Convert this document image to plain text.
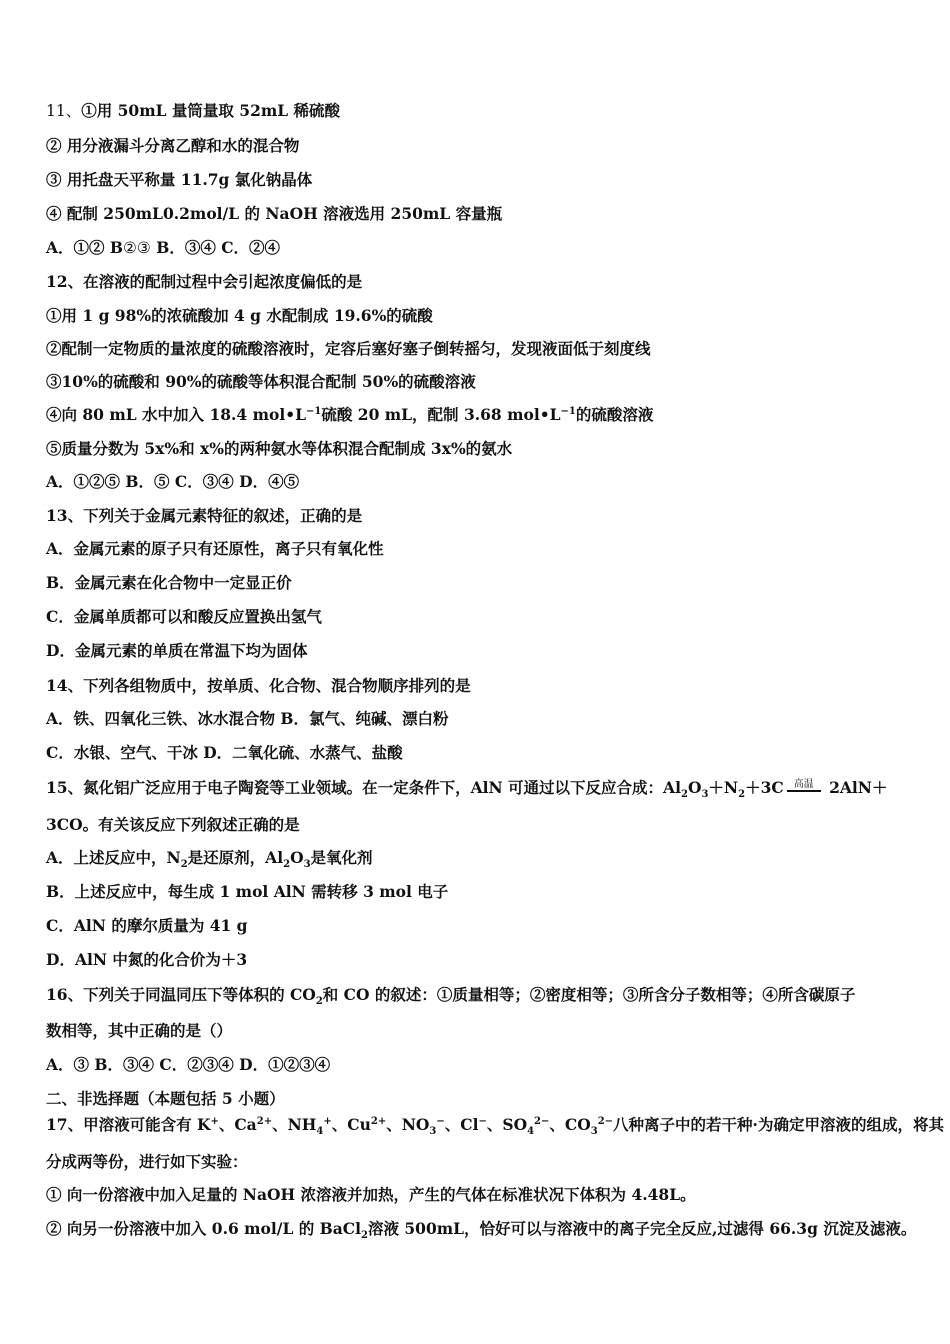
11、①用 50mL 量筒量取 52mL 稀硫酸
② 用分液漏斗分离乙醇和水的混合物
③ 用托盘天平称量 11.7g 氯化钠晶体
④ 配制 250mL0.2mol/L 的 NaOH 溶液选用 250mL 容量瓶
A．①② B②③ B．③④ C．②④
12、在溶液的配制过程中会引起浓度偏低的是
①用 1 g 98%的浓硫酸加 4 g 水配制成 19.6%的硫酸
②配制一定物质的量浓度的硫酸溶液时，定容后塞好塞子倒转摇匀，发现液面低于刻度线
③10%的硫酸和 90%的硫酸等体积混合配制 50%的硫酸溶液
④向 80 mL 水中加入 18.4 $mol•L^{-1}$硫酸 20 mL，配制 3.68 $mol•L^{-1}$的硫酸溶液
⑤质量分数为 5x%和 x%的两种氨水等体积混合配制成 3x%的氨水
A．①②⑤ B．⑤ C．③④ D．④⑤
13、下列关于金属元素特征的叙述，正确的是
A．金属元素的原子只有还原性，离子只有氧化性
B．金属元素在化合物中一定显正价
C．金属单质都可以和酸反应置换出氢气
D．金属元素的单质在常温下均为固体
14、下列各组物质中，按单质、化合物、混合物顺序排列的是
A．铁、四氧化三铁、冰水混合物 B．氯气、纯碱、漂白粉
C．水银、空气、干冰 D．二氧化硫、水蒸气、盐酸
15、氮化铝广泛应用于电子陶瓷等工业领域。在一定条件下，AlN 可通过以下反应合成：$Al_2O_3+N_2+3C$ 高温 2AlN＋
3CO。有关该反应下列叙述正确的是
A．上述反应中，$N_2$是还原剂，$Al_2O_3$是氧化剂
B．上述反应中，每生成 1 mol AlN 需转移 3 mol 电子
C．AlN 的摩尔质量为 41 g
D．AlN 中氮的化合价为＋3
16、下列关于同温同压下等体积的 $CO_2$和 CO 的叙述：①质量相等；②密度相等；③所含分子数相等；④所含碳原子
数相等，其中正确的是（）
A．③ B．③④ C．②③④ D．①②③④
二、非选择题（本题包括 5 小题）
17、甲溶液可能含有 K+、$Ca^{2+}$、$NH_4^+$、$Cu^{2+}$、$NO_3^-$、Cl−、$SO_4^{2-}$、$CO_3^{2-}$八种离子中的若干种·为确定甲溶液的组成，将其
分成两等份，进行如下实验：
① 向一份溶液中加入足量的 NaOH 浓溶液并加热，产生的气体在标准状况下体积为 4.48L。
② 向另一份溶液中加入 0.6 mol/L 的 BaCl$_2$溶液 500mL，恰好可以与溶液中的离子完全反应,过滤得 66.3g 沉淀及滤液。
